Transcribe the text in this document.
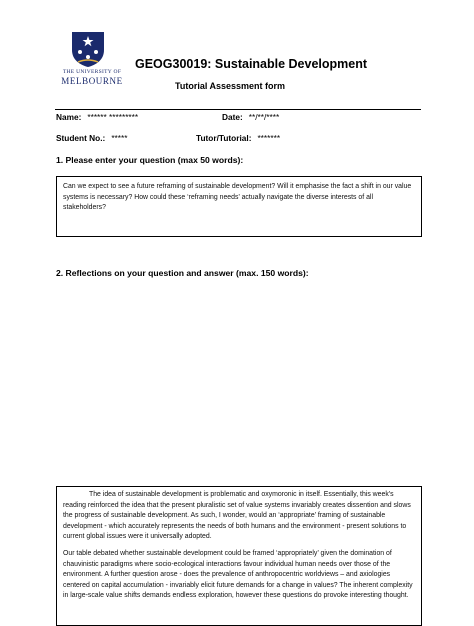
THE UNIVERSITY OF
MELBOURNE
GEOG30019: Sustainable Development
Tutorial Assessment form
Name: ****** *********	Date: **/**/****
Student No.: *****	Tutor/Tutorial: *******
1. Please enter your question (max 50 words):
Can we expect to see a future reframing of sustainable development? Will it emphasise the fact a shift in our value systems is necessary? How could these ‘reframing needs’ actually navigate the diverse interests of all stakeholders?
2. Reflections on your question and answer (max. 150 words):

The idea of sustainable development is problematic and oxymoronic in itself. Essentially, this week’s reading reinforced the idea that the present pluralistic set of value systems invariably creates dissention and slows the progress of sustainable development. As such, I wonder, would an ‘appropriate’ framing of sustainable development - which accurately represents the needs of both humans and the environment - present solutions to current global issues were it universally adopted.

Our table debated whether sustainable development could be framed ‘appropriately’ given the domination of chauvinistic paradigms where socio-ecological interactions favour individual human needs over those of the environment. A further question arose - does the prevalence of anthropocentric worldviews – and axiologies centered on capital accumulation - invariably elicit future demands for a change in values? The inherent complexity in large-scale value shifts demands endless exploration, however these questions do provoke interesting thought.
